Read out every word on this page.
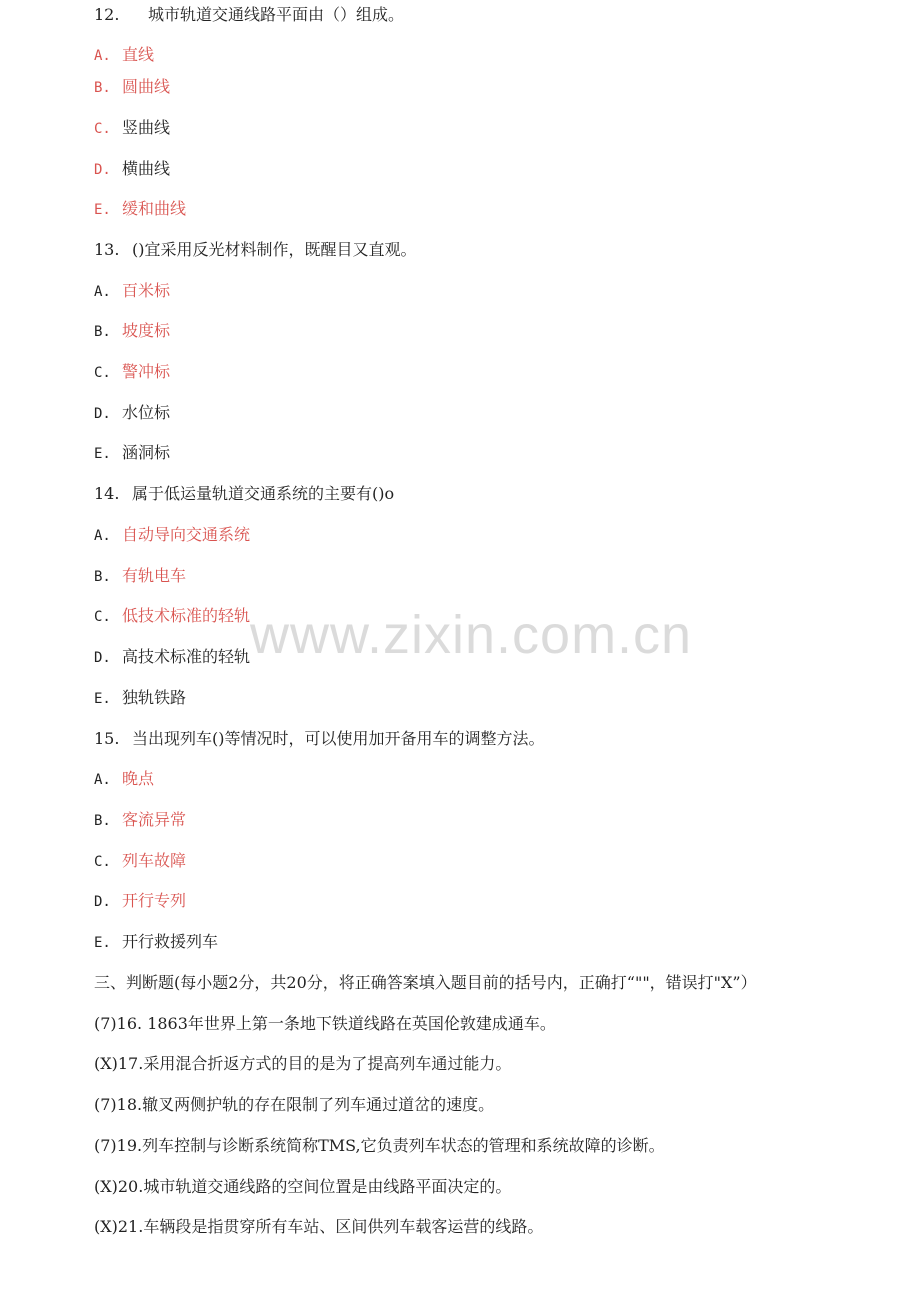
12. 城市轨道交通线路平面由（）组成。
A. 直线
B. 圆曲线
C. 竖曲线
D. 横曲线
E. 缓和曲线
13. ()宜采用反光材料制作，既醒目又直观。
A. 百米标
B. 坡度标
C. 警冲标
D. 水位标
E. 涵洞标
14. 属于低运量轨道交通系统的主要有()o
A. 自动导向交通系统
B. 有轨电车
C. 低技术标准的轻轨
D. 高技术标准的轻轨
E. 独轨铁路
15. 当出现列车()等情况时，可以使用加开备用车的调整方法。
A. 晚点
B. 客流异常
C. 列车故障
D. 开行专列
E. 开行救援列车
三、判断题(每小题2分，共20分，将正确答案填入题目前的括号内，正确打“""，错误打"X”）
(7)16. 1863年世界上第一条地下铁道线路在英国伦敦建成通车。
(X)17.采用混合折返方式的目的是为了提高列车通过能力。
(7)18.辙叉两侧护轨的存在限制了列车通过道岔的速度。
(7)19.列车控制与诊断系统简称TMS,它负责列车状态的管理和系统故障的诊断。
(X)20.城市轨道交通线路的空间位置是由线路平面决定的。
(X)21.车辆段是指贯穿所有车站、区间供列车载客运营的线路。
www.zixin.com.cn
